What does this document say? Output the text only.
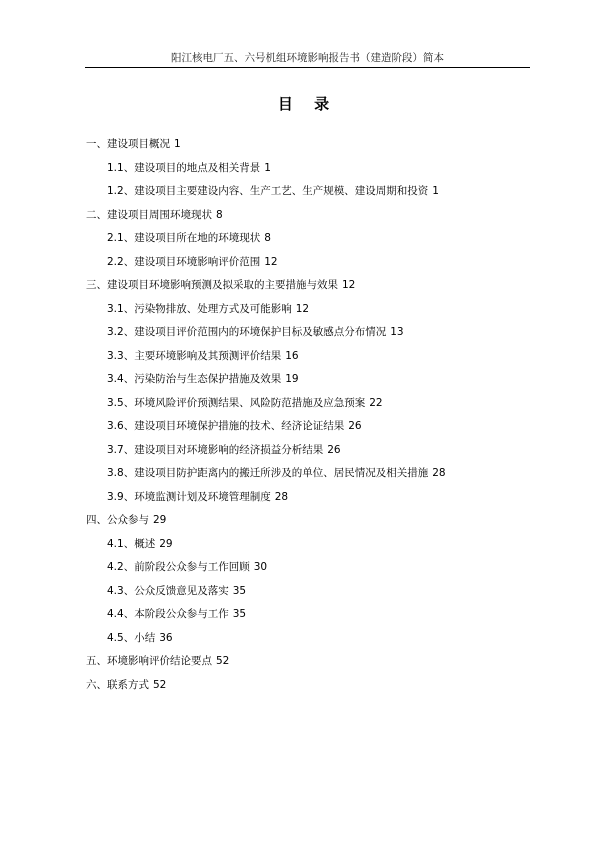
阳江核电厂五、六号机组环境影响报告书（建造阶段）简本
目 录
一、建设项目概况 1
1.1、建设项目的地点及相关背景 1
1.2、建设项目主要建设内容、生产工艺、生产规模、建设周期和投资 1
二、建设项目周围环境现状 8
2.1、建设项目所在地的环境现状 8
2.2、建设项目环境影响评价范围 12
三、建设项目环境影响预测及拟采取的主要措施与效果 12
3.1、污染物排放、处理方式及可能影响 12
3.2、建设项目评价范围内的环境保护目标及敏感点分布情况 13
3.3、主要环境影响及其预测评价结果 16
3.4、污染防治与生态保护措施及效果 19
3.5、环境风险评价预测结果、风险防范措施及应急预案 22
3.6、建设项目环境保护措施的技术、经济论证结果 26
3.7、建设项目对环境影响的经济损益分析结果 26
3.8、建设项目防护距离内的搬迁所涉及的单位、居民情况及相关措施 28
3.9、环境监测计划及环境管理制度 28
四、公众参与 29
4.1、概述 29
4.2、前阶段公众参与工作回顾 30
4.3、公众反馈意见及落实 35
4.4、本阶段公众参与工作 35
4.5、小结 36
五、环境影响评价结论要点 52
六、联系方式 52
